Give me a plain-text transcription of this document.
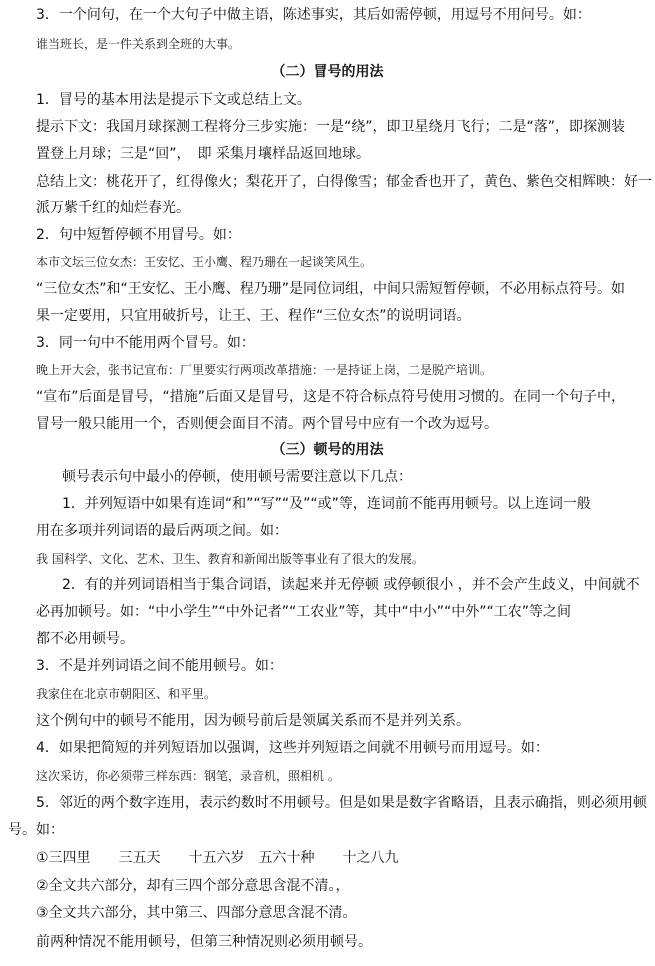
3．一个问句，在一个大句子中做主语，陈述事实，其后如需停顿，用逗号不用问号。如：
谁当班长，是一件关系到全班的大事。
（二）冒号的用法
1．冒号的基本用法是提示下文或总结上文。
提示下文：我国月球探测工程将分三步实施：一是“绕”，即卫星绕月飞行；二是“落”，即探测装
置登上月球；三是“回”，　即 采集月壤样品返回地球。
总结上文：桃花开了，红得像火；梨花开了，白得像雪；郁金香也开了，黄色、紫色交相辉映：好一
派万紫千红的灿烂春光。
2．句中短暂停顿不用冒号。如：
本市文坛三位女杰：王安忆、王小鹰、程乃珊在一起谈笑风生。
“三位女杰”和“王安忆、王小鹰、程乃珊”是同位词组，中间只需短暂停顿，不必用标点符号。如
果一定要用，只宜用破折号，让王、王、程作“三位女杰”的说明词语。
3．同一句中不能用两个冒号。如：
晚上开大会，张书记宣布：厂里要实行两项改革措施：一是持证上岗，二是脱产培训。
“宣布”后面是冒号，“措施”后面又是冒号，这是不符合标点符号使用习惯的。在同一个句子中，
冒号一般只能用一个，否则便会面目不清。两个冒号中应有一个改为逗号。
（三）顿号的用法
顿号表示句中最小的停顿，使用顿号需要注意以下几点：
1．并列短语中如果有连词“和”“写”“及”“或”等，连词前不能再用顿号。以上连词一般
用在多项并列词语的最后两项之间。如：
我 国科学、文化、艺术、卫生、教育和新闻出版等事业有了很大的发展。
2．有的并列词语相当于集合词语，读起来并无停顿 或停顿很小 ，并不会产生歧义，中间就不
必再加顿号。如：“中小学生”“中外记者”“工农业”等，其中“中小”“中外”“工农”等之间
都不必用顿号。
3．不是并列词语之间不能用顿号。如：
我家住在北京市朝阳区、和平里。
这个例句中的顿号不能用，因为顿号前后是领属关系而不是并列关系。
4．如果把简短的并列短语加以强调，这些并列短语之间就不用顿号而用逗号。如：
这次采访，你必须带三样东西：钢笔，录音机，照相机 。
5．邻近的两个数字连用，表示约数时不用顿号。但是如果是数字省略语，且表示确指，则必须用顿
号。如：
①三四里　　三五天　　十五六岁　五六十种　　十之八九
②全文共六部分，却有三四个部分意思含混不清。，
③全文共六部分，其中第三、四部分意思含混不清。
前两种情况不能用顿号，但第三种情况则必须用顿号。
